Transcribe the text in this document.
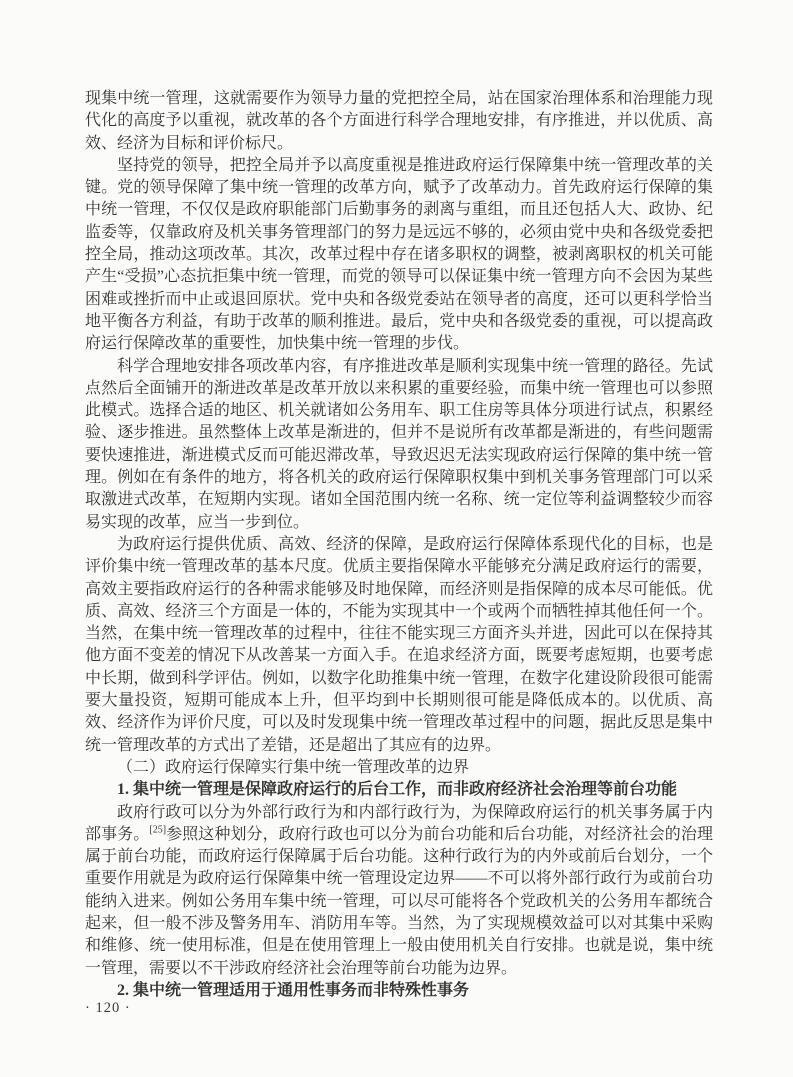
现集中统一管理，这就需要作为领导力量的党把控全局，站在国家治理体系和治理能力现代化的高度予以重视，就改革的各个方面进行科学合理地安排，有序推进，并以优质、高效、经济为目标和评价标尺。

坚持党的领导，把控全局并予以高度重视是推进政府运行保障集中统一管理改革的关键。党的领导保障了集中统一管理的改革方向，赋予了改革动力。首先政府运行保障的集中统一管理，不仅仅是政府职能部门后勤事务的剥离与重组，而且还包括人大、政协、纪监委等，仅靠政府及机关事务管理部门的努力是远远不够的，必须由党中央和各级党委把控全局，推动这项改革。其次，改革过程中存在诸多职权的调整，被剥离职权的机关可能产生“受损”心态抗拒集中统一管理，而党的领导可以保证集中统一管理方向不会因为某些困难或挫折而中止或退回原状。党中央和各级党委站在领导者的高度，还可以更科学恰当地平衡各方利益，有助于改革的顺利推进。最后，党中央和各级党委的重视，可以提高政府运行保障改革的重要性，加快集中统一管理的步伐。

科学合理地安排各项改革内容，有序推进改革是顺利实现集中统一管理的路径。先试点然后全面铺开的渐进改革是改革开放以来积累的重要经验，而集中统一管理也可以参照此模式。选择合适的地区、机关就诸如公务用车、职工住房等具体分项进行试点，积累经验、逐步推进。虽然整体上改革是渐进的，但并不是说所有改革都是渐进的，有些问题需要快速推进，渐进模式反而可能迟滞改革，导致迟迟无法实现政府运行保障的集中统一管理。例如在有条件的地方，将各机关的政府运行保障职权集中到机关事务管理部门可以采取激进式改革，在短期内实现。诸如全国范围内统一名称、统一定位等利益调整较少而容易实现的改革，应当一步到位。

为政府运行提供优质、高效、经济的保障，是政府运行保障体系现代化的目标，也是评价集中统一管理改革的基本尺度。优质主要指保障水平能够充分满足政府运行的需要，高效主要指政府运行的各种需求能够及时地保障，而经济则是指保障的成本尽可能低。优质、高效、经济三个方面是一体的，不能为实现其中一个或两个而牺牲掉其他任何一个。当然，在集中统一管理改革的过程中，往往不能实现三方面齐头并进，因此可以在保持其他方面不变差的情况下从改善某一方面入手。在追求经济方面，既要考虑短期，也要考虑中长期，做到科学评估。例如，以数字化助推集中统一管理，在数字化建设阶段很可能需要大量投资，短期可能成本上升，但平均到中长期则很可能是降低成本的。以优质、高效、经济作为评价尺度，可以及时发现集中统一管理改革过程中的问题，据此反思是集中统一管理改革的方式出了差错，还是超出了其应有的边界。

（二）政府运行保障实行集中统一管理改革的边界

1. 集中统一管理是保障政府运行的后台工作，而非政府经济社会治理等前台功能

政府行政可以分为外部行政行为和内部行政行为，为保障政府运行的机关事务属于内部事务。[25]参照这种划分，政府行政也可以分为前台功能和后台功能，对经济社会的治理属于前台功能，而政府运行保障属于后台功能。这种行政行为的内外或前后台划分，一个重要作用就是为政府运行保障集中统一管理设定边界——不可以将外部行政行为或前台功能纳入进来。例如公务用车集中统一管理，可以尽可能将各个党政机关的公务用车都统合起来，但一般不涉及警务用车、消防用车等。当然，为了实现规模效益可以对其集中采购和维修、统一使用标准，但是在使用管理上一般由使用机关自行安排。也就是说，集中统一管理，需要以不干涉政府经济社会治理等前台功能为边界。

2. 集中统一管理适用于通用性事务而非特殊性事务

· 120 ·
